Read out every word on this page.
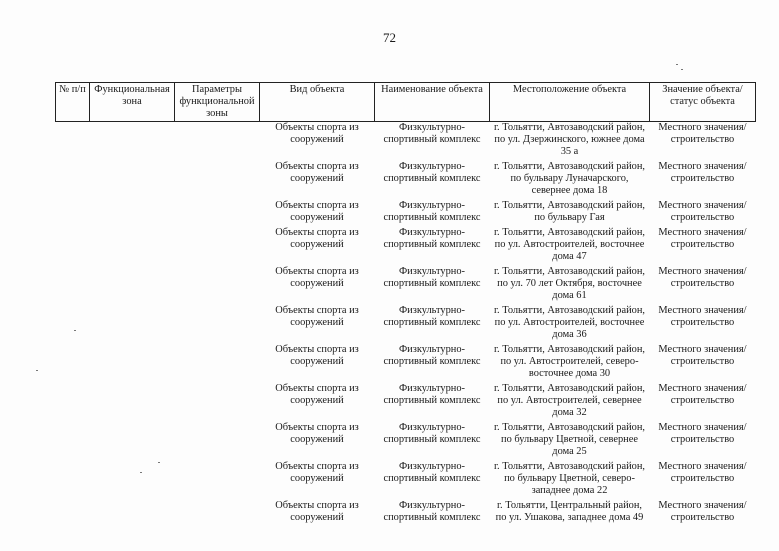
72
№ п/п	Функциональная зона	Параметры функциональной зоны	Вид объекта	Наименование объекта	Местоположение объекта	Значение объекта/статус объекта
			Объекты спорта из сооружений	Физкультурно-спортивный комплекс	г. Тольятти, Автозаводский район, по ул. Дзержинского, южнее дома 35 а	Местного значения/ строительство
			Объекты спорта из сооружений	Физкультурно-спортивный комплекс	г. Тольятти, Автозаводский район, по бульвару Луначарского, севернее дома 18	Местного значения/ строительство
			Объекты спорта из сооружений	Физкультурно-спортивный комплекс	г. Тольятти, Автозаводский район, по бульвару Гая	Местного значения/ строительство
			Объекты спорта из сооружений	Физкультурно-спортивный комплекс	г. Тольятти, Автозаводский район, по ул. Автостроителей, восточнее дома 47	Местного значения/ строительство
			Объекты спорта из сооружений	Физкультурно-спортивный комплекс	г. Тольятти, Автозаводский район, по ул. 70 лет Октября, восточнее дома 61	Местного значения/ строительство
			Объекты спорта из сооружений	Физкультурно-спортивный комплекс	г. Тольятти, Автозаводский район, по ул. Автостроителей, восточнее дома 36	Местного значения/ строительство
			Объекты спорта из сооружений	Физкультурно-спортивный комплекс	г. Тольятти, Автозаводский район, по ул. Автостроителей, северо-восточнее дома 30	Местного значения/ строительство
			Объекты спорта из сооружений	Физкультурно-спортивный комплекс	г. Тольятти, Автозаводский район, по ул. Автостроителей, севернее дома 32	Местного значения/ строительство
			Объекты спорта из сооружений	Физкультурно-спортивный комплекс	г. Тольятти, Автозаводский район, по бульвару Цветной, севернее дома 25	Местного значения/ строительство
			Объекты спорта из сооружений	Физкультурно-спортивный комплекс	г. Тольятти, Автозаводский район, по бульвару Цветной, северо-западнее дома 22	Местного значения/ строительство
			Объекты спорта из сооружений	Физкультурно-спортивный комплекс	г. Тольятти, Центральный район, по ул. Ушакова, западнее дома 49	Местного значения/ строительство
